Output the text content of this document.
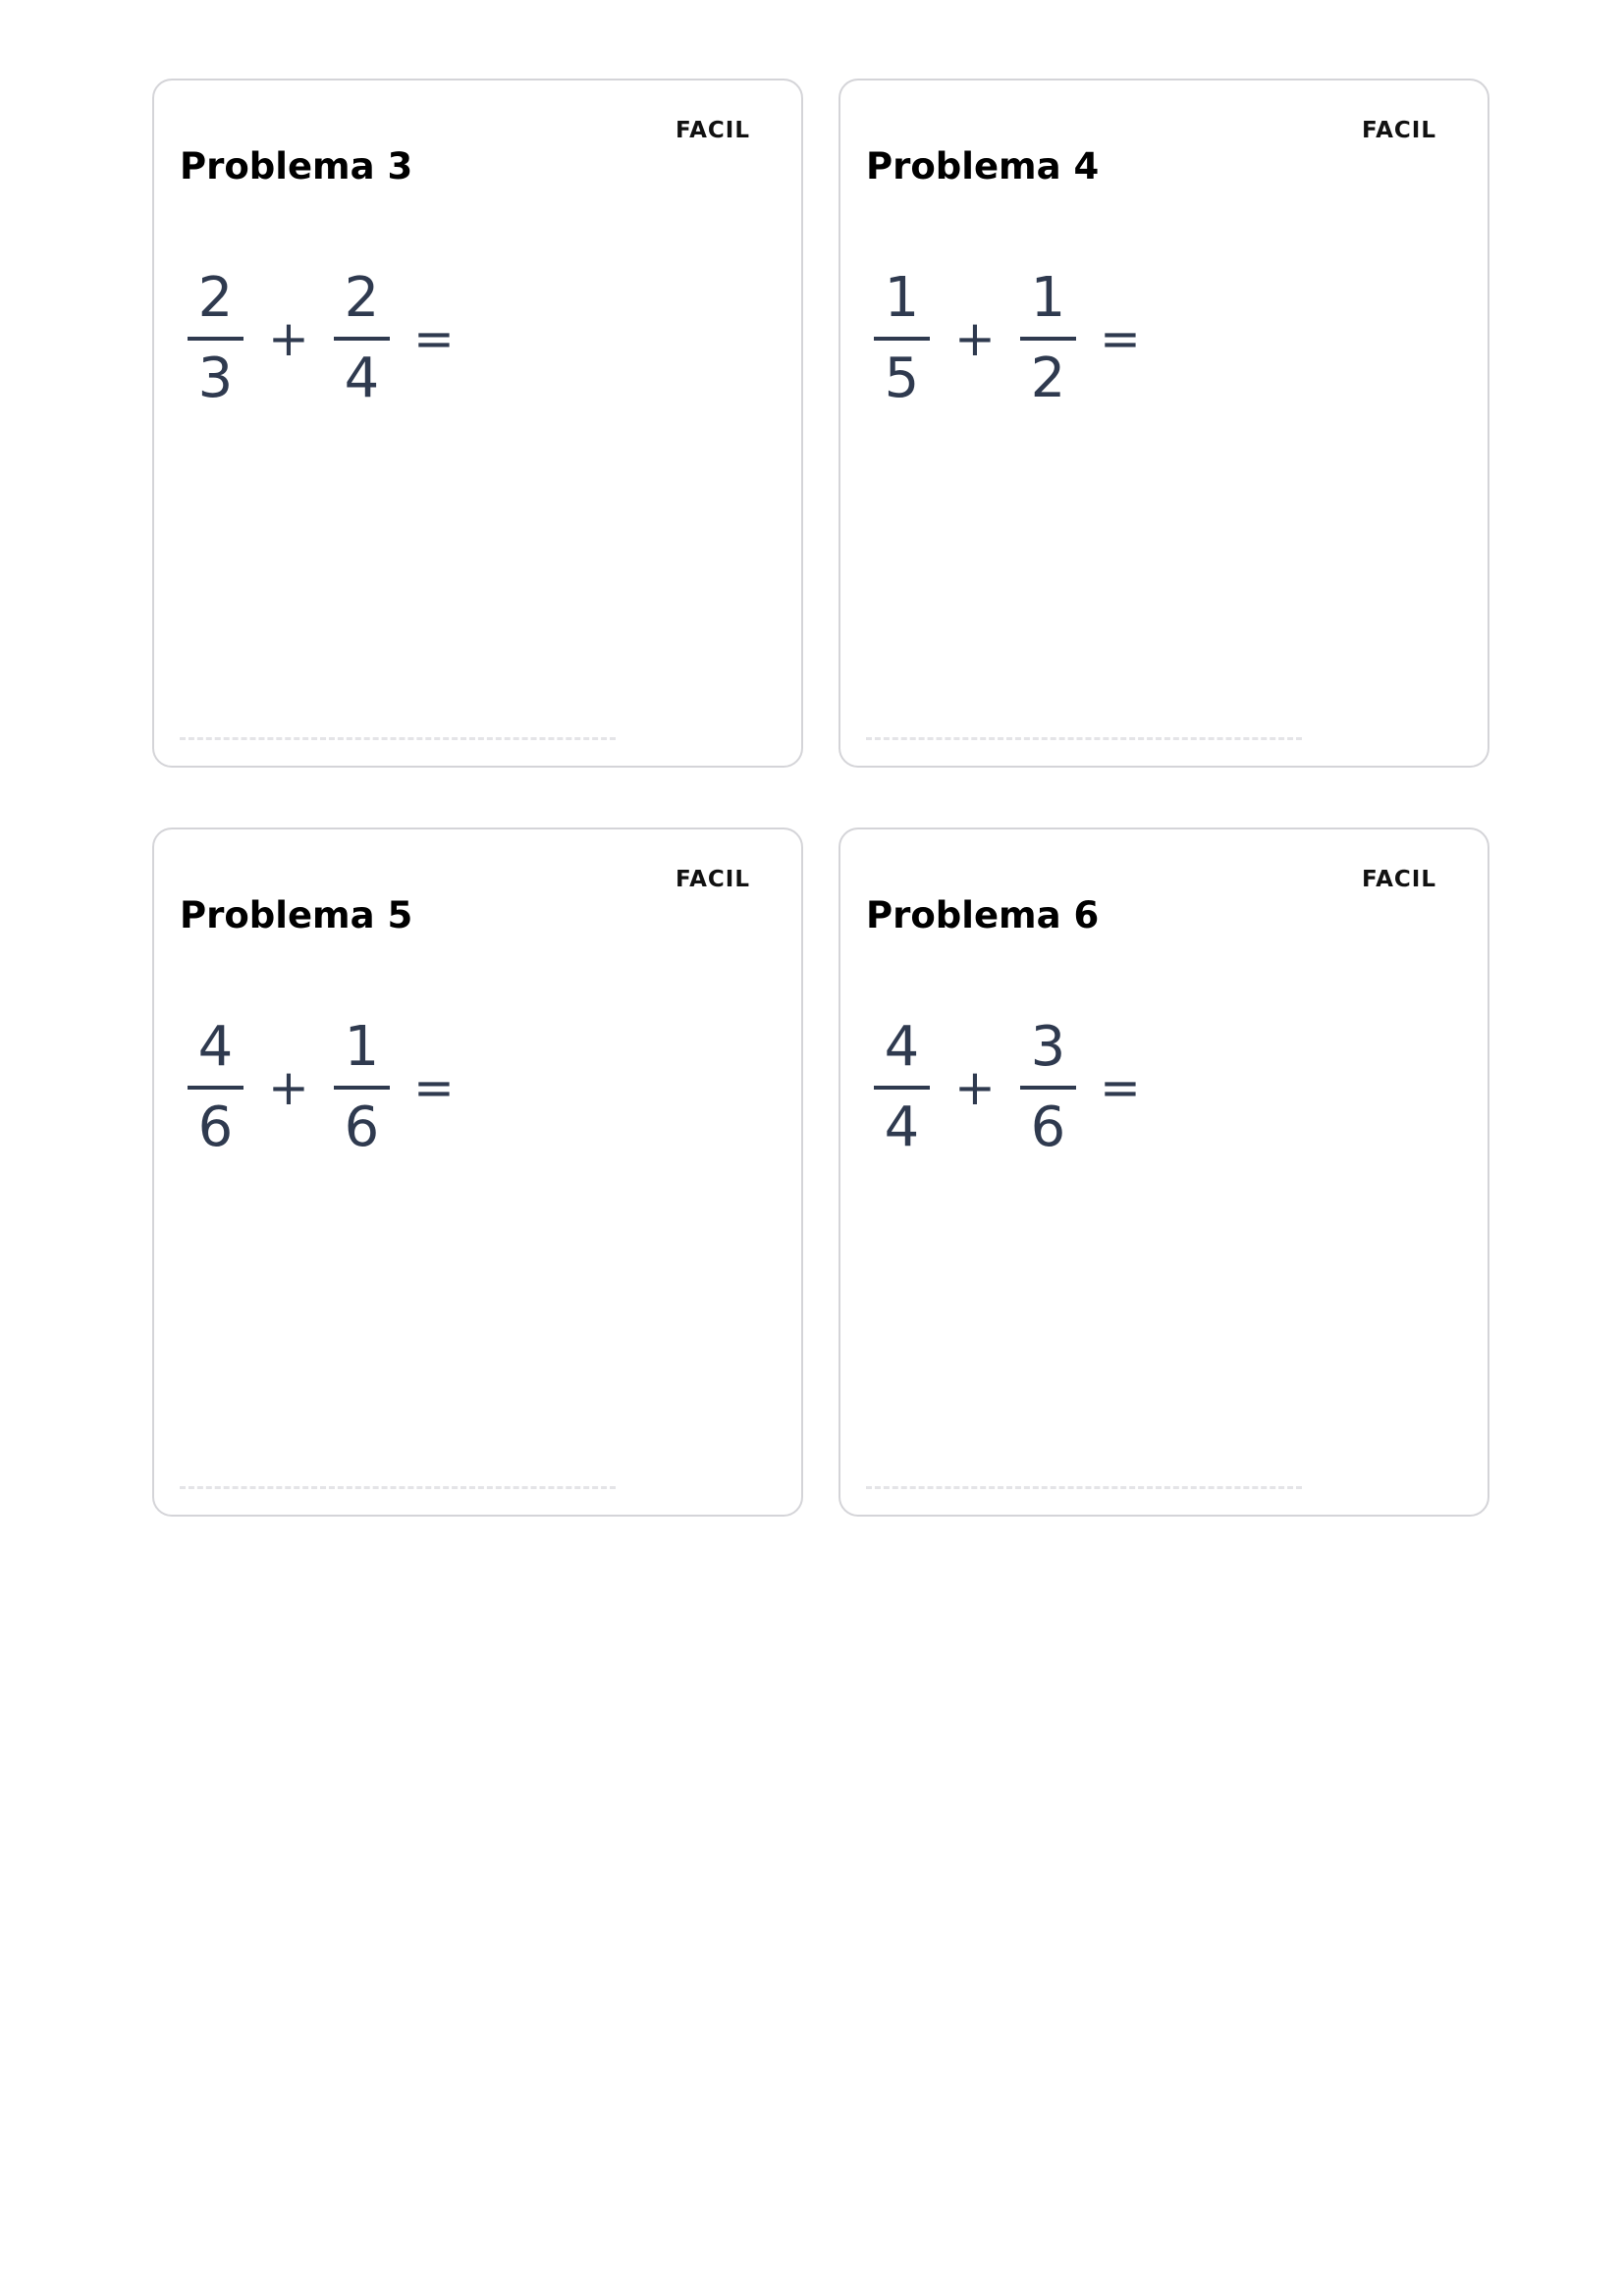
FACIL
Problema 3
$\frac{2}{3} + \frac{2}{4}$ =
FACIL
Problema 4
$\frac{1}{5} + \frac{1}{2}$ =
FACIL
Problema 5
$\frac{4}{6} + \frac{1}{6}$ =
FACIL
Problema 6
$\frac{4}{4} + \frac{3}{6}$ =
